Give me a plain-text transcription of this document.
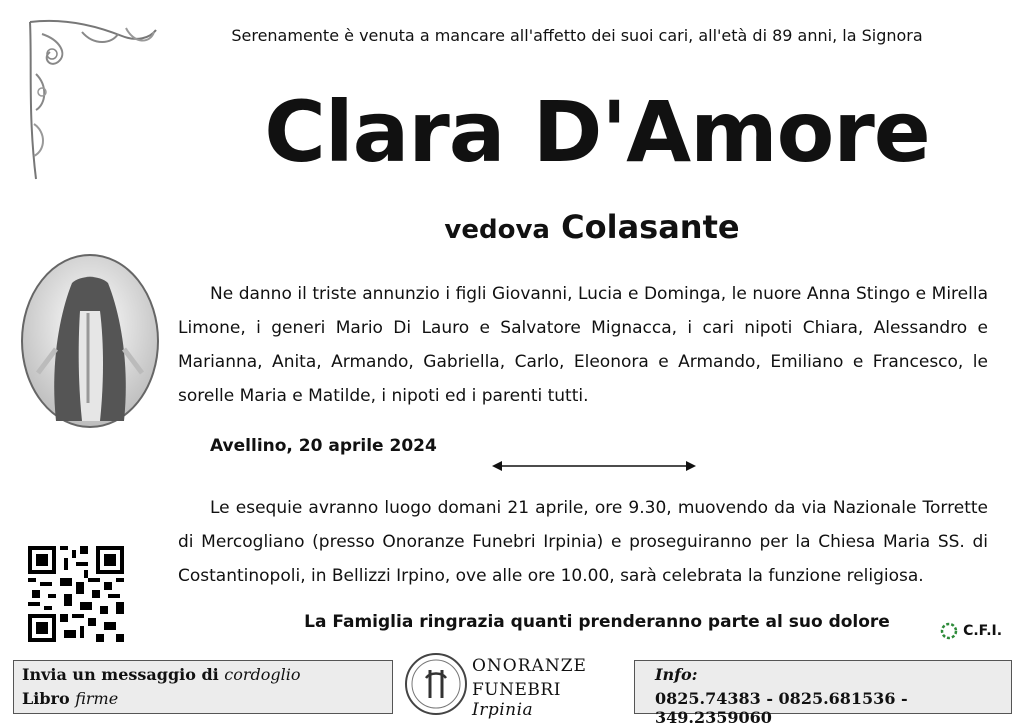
Serenamente è venuta a mancare all'affetto dei suoi cari, all'età di 89 anni, la Signora
Clara D'Amore
vedova Colasante
Ne danno il triste annunzio i figli Giovanni, Lucia e Dominga, le nuore Anna Stingo e Mirella Limone, i generi Mario Di Lauro e Salvatore Mignacca, i cari nipoti Chiara, Alessandro e Marianna, Anita, Armando, Gabriella, Carlo, Eleonora e Armando, Emiliano e Francesco, le sorelle Maria e Matilde, i nipoti ed i parenti tutti.
Avellino, 20 aprile 2024
Le esequie avranno luogo domani 21 aprile, ore 9.30, muovendo da via Nazionale Torrette di Mercogliano (presso Onoranze Funebri Irpinia) e proseguiranno per la Chiesa Maria SS. di Costantinopoli, in Bellizzi Irpino, ove alle ore 10.00, sarà celebrata la funzione religiosa.
La Famiglia ringrazia quanti prenderanno parte al suo dolore	C.F.I.
Invia un messaggio di cordoglio
Libro firme
ONORANZE
FUNEBRI Irpinia
Info:
0825.74383 - 0825.681536 - 349.2359060
